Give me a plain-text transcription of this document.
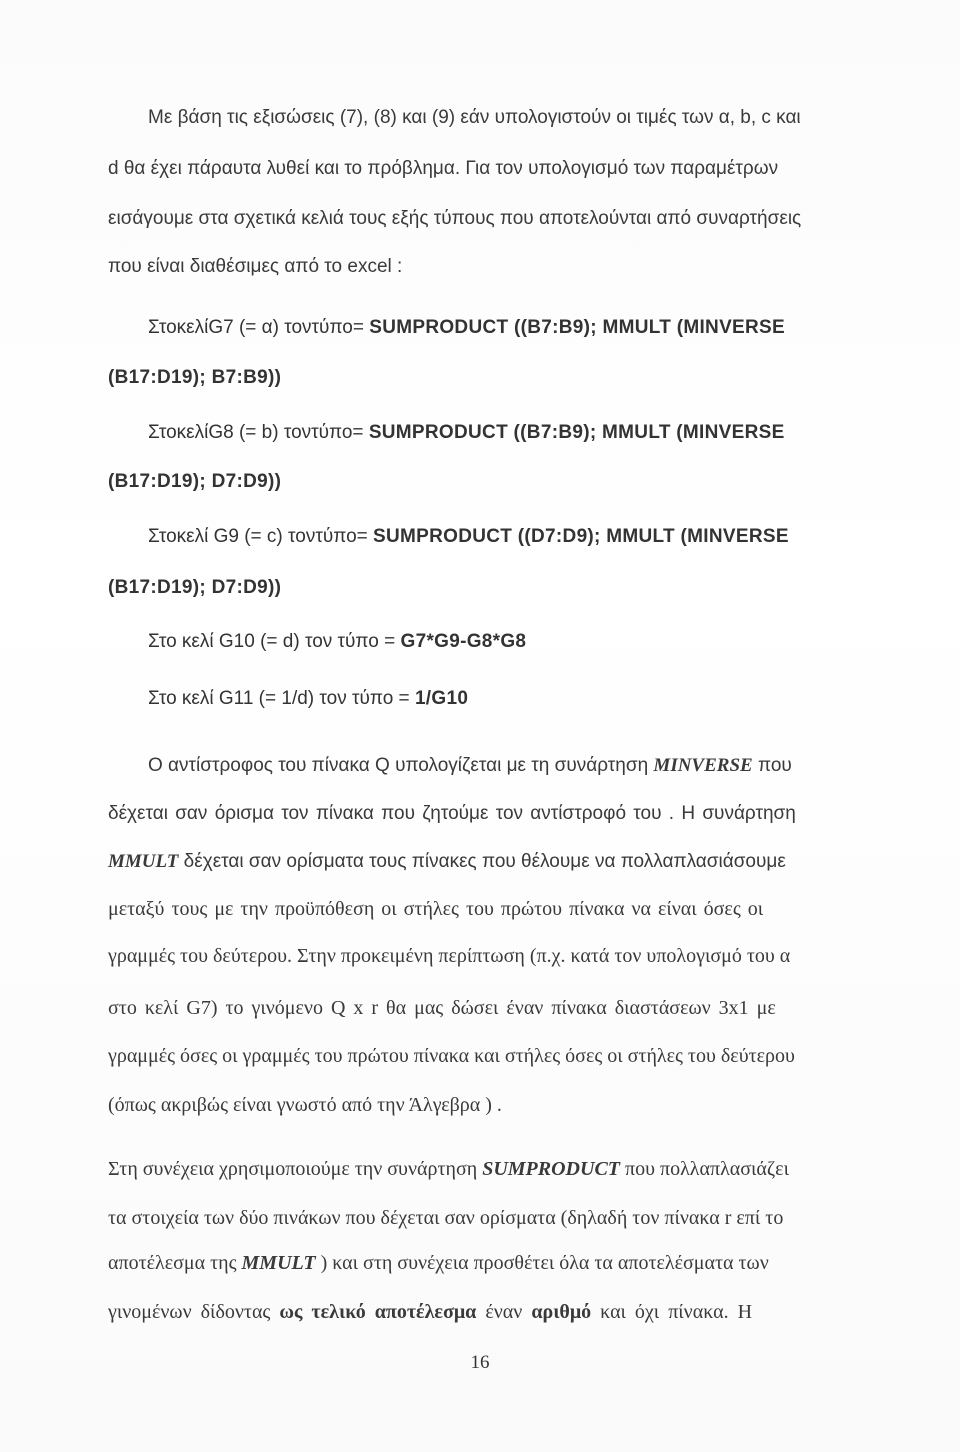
Με βάση τις εξισώσεις (7), (8) και (9) εάν υπολογιστούν οι τιμές των α, b, c και
d θα έχει πάραυτα λυθεί και το πρόβλημα. Για τον υπολογισμό των παραμέτρων
εισάγουμε στα σχετικά κελιά τους εξής τύπους που αποτελούνται από συναρτήσεις
που είναι διαθέσιμες από το excel :
ΣτοκελίG7 (= α) τοντύπο= SUMPRODUCT ((B7:B9); MMULT (MINVERSE
(B17:D19); B7:B9))
ΣτοκελίG8 (= b) τοντύπο= SUMPRODUCT ((B7:B9); MMULT (MINVERSE
(B17:D19); D7:D9))
Στοκελί G9 (= c) τοντύπο= SUMPRODUCT ((D7:D9); MMULT (MINVERSE
(B17:D19); D7:D9))
Στο κελί G10 (= d) τον τύπο = G7*G9-G8*G8
Στο κελί G11 (= 1/d) τον τύπο = 1/G10
Ο αντίστροφος του πίνακα Q υπολογίζεται με τη συνάρτηση MINVERSE που
δέχεται σαν όρισμα τον πίνακα που ζητούμε τον αντίστροφό του . Η συνάρτηση
MMULT δέχεται σαν ορίσματα τους πίνακες που θέλουμε να πολλαπλασιάσουμε
μεταξύ τους με την προϋπόθεση οι στήλες του πρώτου πίνακα να είναι όσες οι
γραμμές του δεύτερου. Στην προκειμένη περίπτωση (π.χ. κατά τον υπολογισμό του α
στο κελί G7) το γινόμενο Q x r θα μας δώσει έναν πίνακα διαστάσεων 3x1 με
γραμμές όσες οι γραμμές του πρώτου πίνακα και στήλες όσες οι στήλες του δεύτερου
(όπως ακριβώς είναι γνωστό από την Άλγεβρα ) .
Στη συνέχεια χρησιμοποιούμε την συνάρτηση SUMPRODUCT που πολλαπλασιάζει
τα στοιχεία των δύο πινάκων που δέχεται σαν ορίσματα (δηλαδή τον πίνακα r επί το
αποτέλεσμα της MMULT ) και στη συνέχεια προσθέτει όλα τα αποτελέσματα των
γινομένων δίδοντας ως τελικό αποτέλεσμα έναν αριθμό και όχι πίνακα. Η
16
